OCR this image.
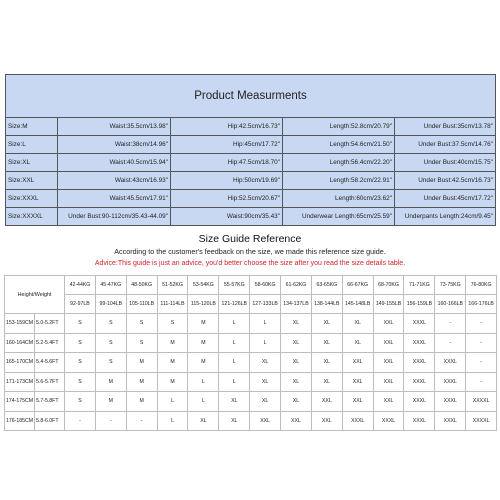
Product Measurments				
Size:M	Waist:35.5cm/13.98"	Hip:42.5cm/16.73"	Length:52.8cm/20.79"	Under Bust:35cm/13.78"
Size:L	Waist:38cm/14.96"	Hip:45cm/17.72"	Length:54.6cm/21.50"	Under Bust:37.5cm/14.76"
Size:XL	Waist:40.5cm/15.94"	Hip:47.5cm/18.70"	Length:56.4cm/22.20"	Under Bust:40cm/15.75"
Size:XXL	Waist:43cm/16.93"	Hip:50cm/19.69"	Length:58.2cm/22.91"	Under Bust:42.5cm/16.73"
Size:XXXL	Waist:45.5cm/17.91"	Hip:52.5cm/20.67"	Length:60cm/23.62"	Under Bust:45cm/17.72"
Size:XXXXL	Under Bust:90-112cm/35.43-44.09"	Waist:90cm/35.43"	Underwear Length:65cm/25.59"	Underpants Length:24cm/9.45"
Size Guide Reference
According to the customer's feedback on the size, we made this reference size guide.
Advice:This guide is just an advice, you'd better choose the size after you read the size details table.
Height/Weight		42-44KG	45-47KG	48-50KG	51-52KG	53-54KG	55-57KG	58-60KG	61-62KG	63-65KG	66-67KG	68-70KG	71-71KG	73-75KG	76-80KG
		92-97LB	99-104LB	105-110LB	111-114LB	115-120LB	121-126LB	127-133LB	134-137LB	138-144LB	145-148LB	149-155LB	156-159LB	160-166LB	166-176LB
153-159CM	5.0-5.2FT	S	S	S	S	M	L	L	XL	XL	XL	XXL	XXXL	-	-
160-164CM	5.2-5.4FT	S	S	S	M	M	L	L	XL	XL	XL	XXL	XXXL	-	-
165-170CM	5.4-5.6FT	S	S	M	M	M	L	XL	XL	XL	XXL	XXL	XXXL	XXXL	-
171-173CM	5.6-5.7FT	S	M	M	M	L	L	XL	XL	XL	XXL	XXL	XXXL	XXXL	-
174-175CM	5.7-5.8FT	S	M	M	L	L	XL	XL	XL	XXL	XXL	XXL	XXXL	XXXL	XXXXL
176-185CM	5.8-6.0FT	-	-	-	L	XL	XL	XXL	XXL	XXL	XXXL	XXXL	XXXL	XXXL	XXXXL
